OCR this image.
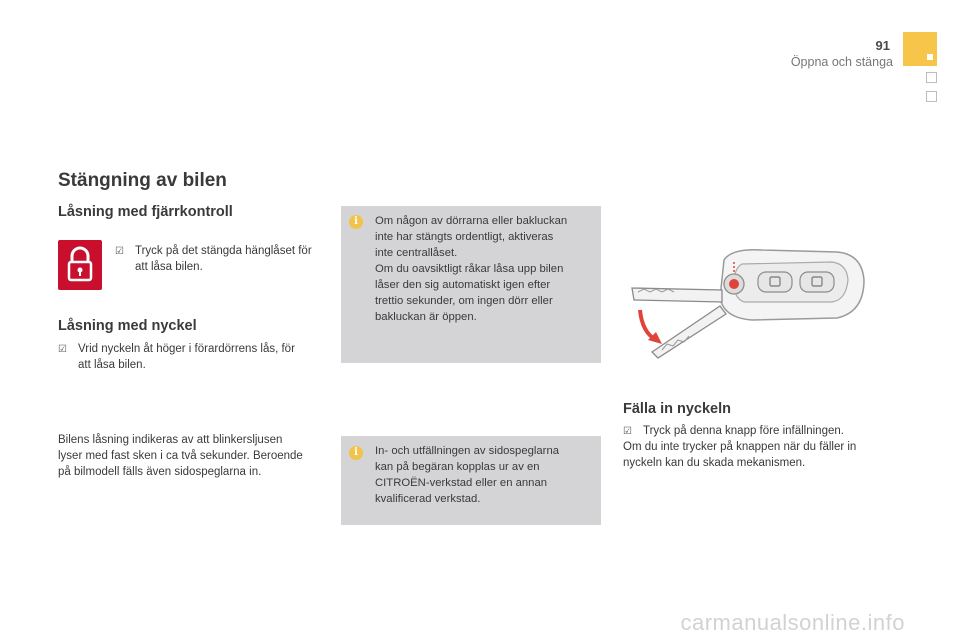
91
Öppna och stänga
Stängning av bilen
Låsning med fjärrkontroll
☑ Tryck på det stängda hänglåset för att låsa bilen.
Låsning med nyckel
☑ Vrid nyckeln åt höger i förardörrens lås, för att låsa bilen.
Bilens låsning indikeras av att blinkersljusen lyser med fast sken i ca två sekunder. Beroende på bilmodell fälls även sidospeglarna in.
i	Om någon av dörrarna eller bakluckan
inte har stängts ordentligt, aktiveras
inte centrallåset.
Om du oavsiktligt råkar låsa upp bilen
låser den sig automatiskt igen efter
trettio sekunder, om ingen dörr eller
bakluckan är öppen.
i	In- och utfällningen av sidospeglarna
kan på begäran kopplas ur av en
CITROËN-verkstad eller en annan
kvalificerad verkstad.
Fälla in nyckeln
☑ Tryck på denna knapp före infällningen.
Om du inte trycker på knappen när du fäller in nyckeln kan du skada mekanismen.
carmanualsonline.info
